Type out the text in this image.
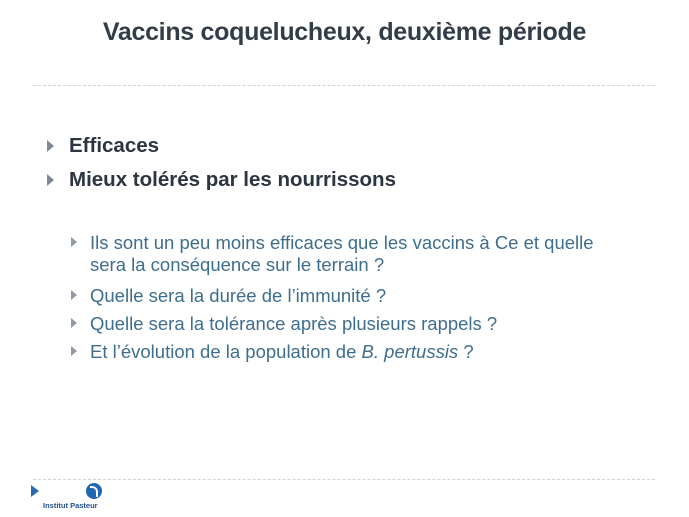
Vaccins coquelucheux, deuxième période
Efficaces
Mieux tolérés par les nourrissons
Ils sont un peu moins efficaces que les vaccins à Ce et quelle
sera la conséquence sur le terrain ?
Quelle sera la durée de l’immunité ?
Quelle sera la tolérance après plusieurs rappels ?
Et l’évolution de la population de B. pertussis ?
Institut Pasteur
